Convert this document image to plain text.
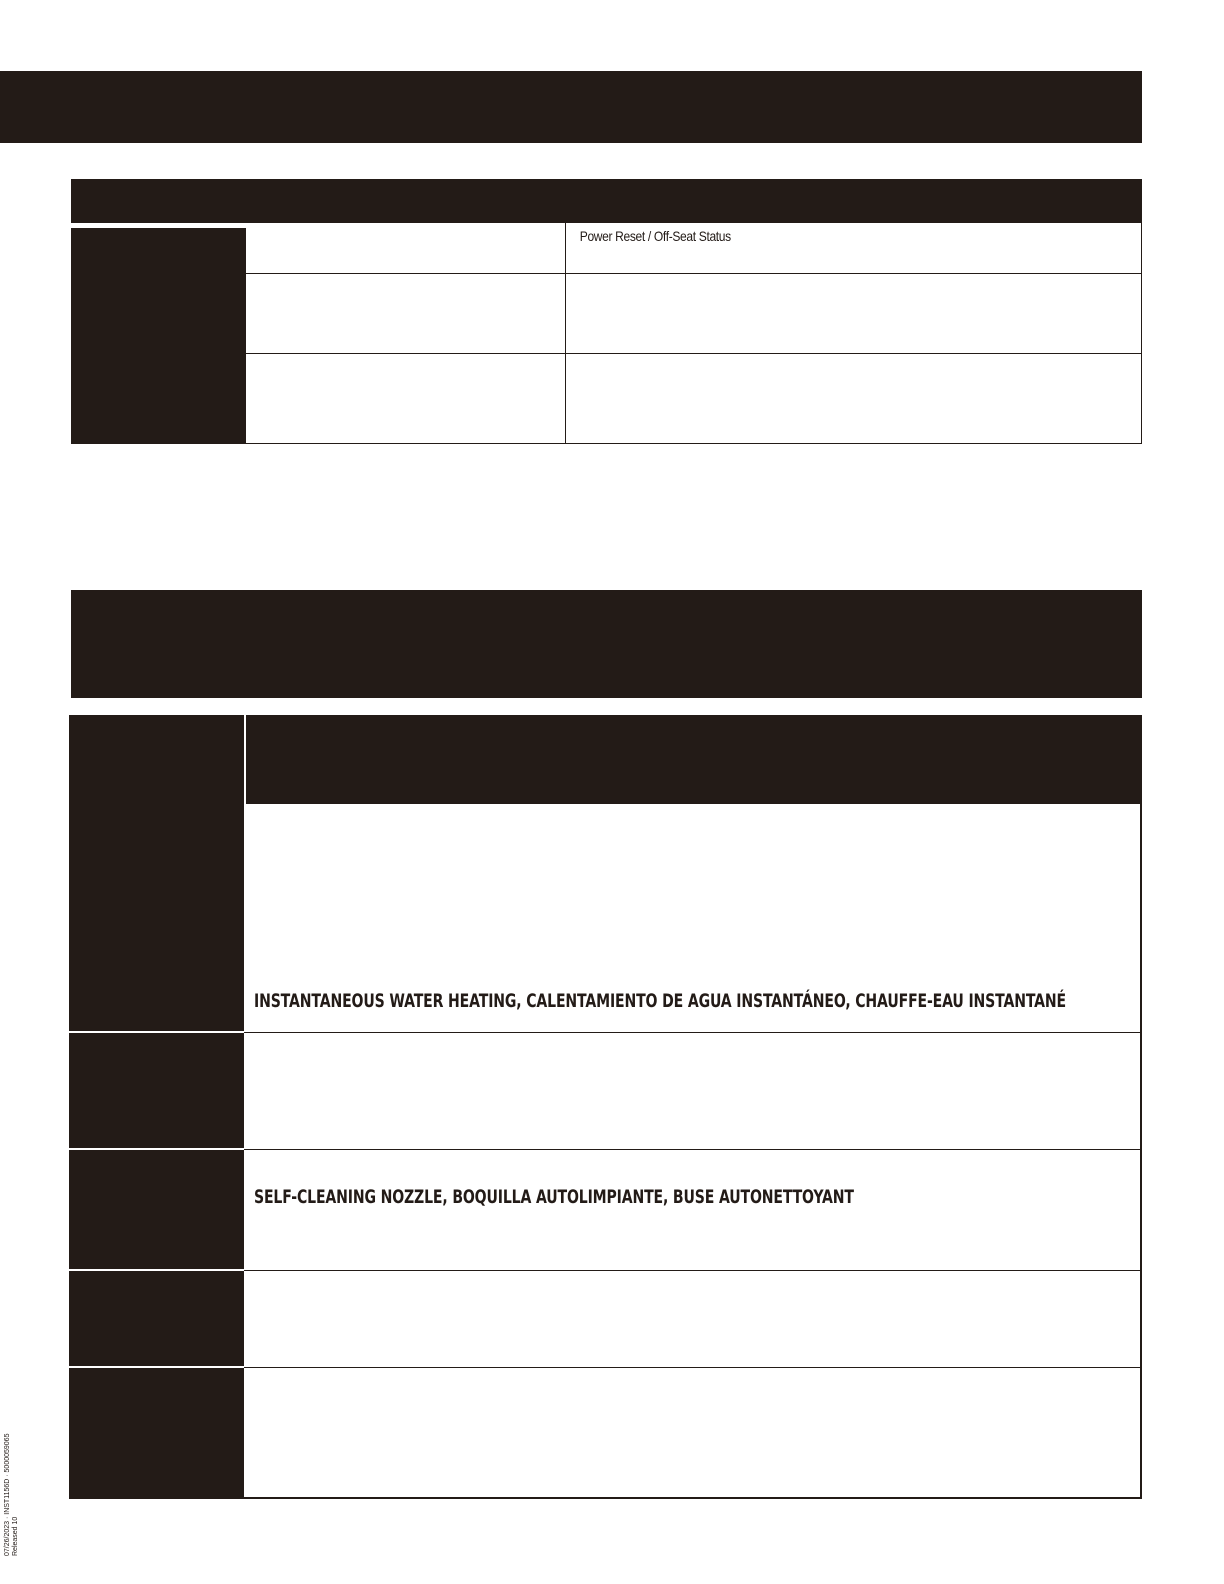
Power Reset / Off-Seat Status
INSTANTANEOUS WATER HEATING, CALENTAMIENTO DE AGUA INSTANTÁNEO, CHAUFFE-EAU INSTANTANÉ
SELF-CLEANING NOZZLE, BOQUILLA AUTOLIMPIANTE, BUSE AUTONETTOYANT
07/26/2023 · INST1156D · 5000059065 Released 10
